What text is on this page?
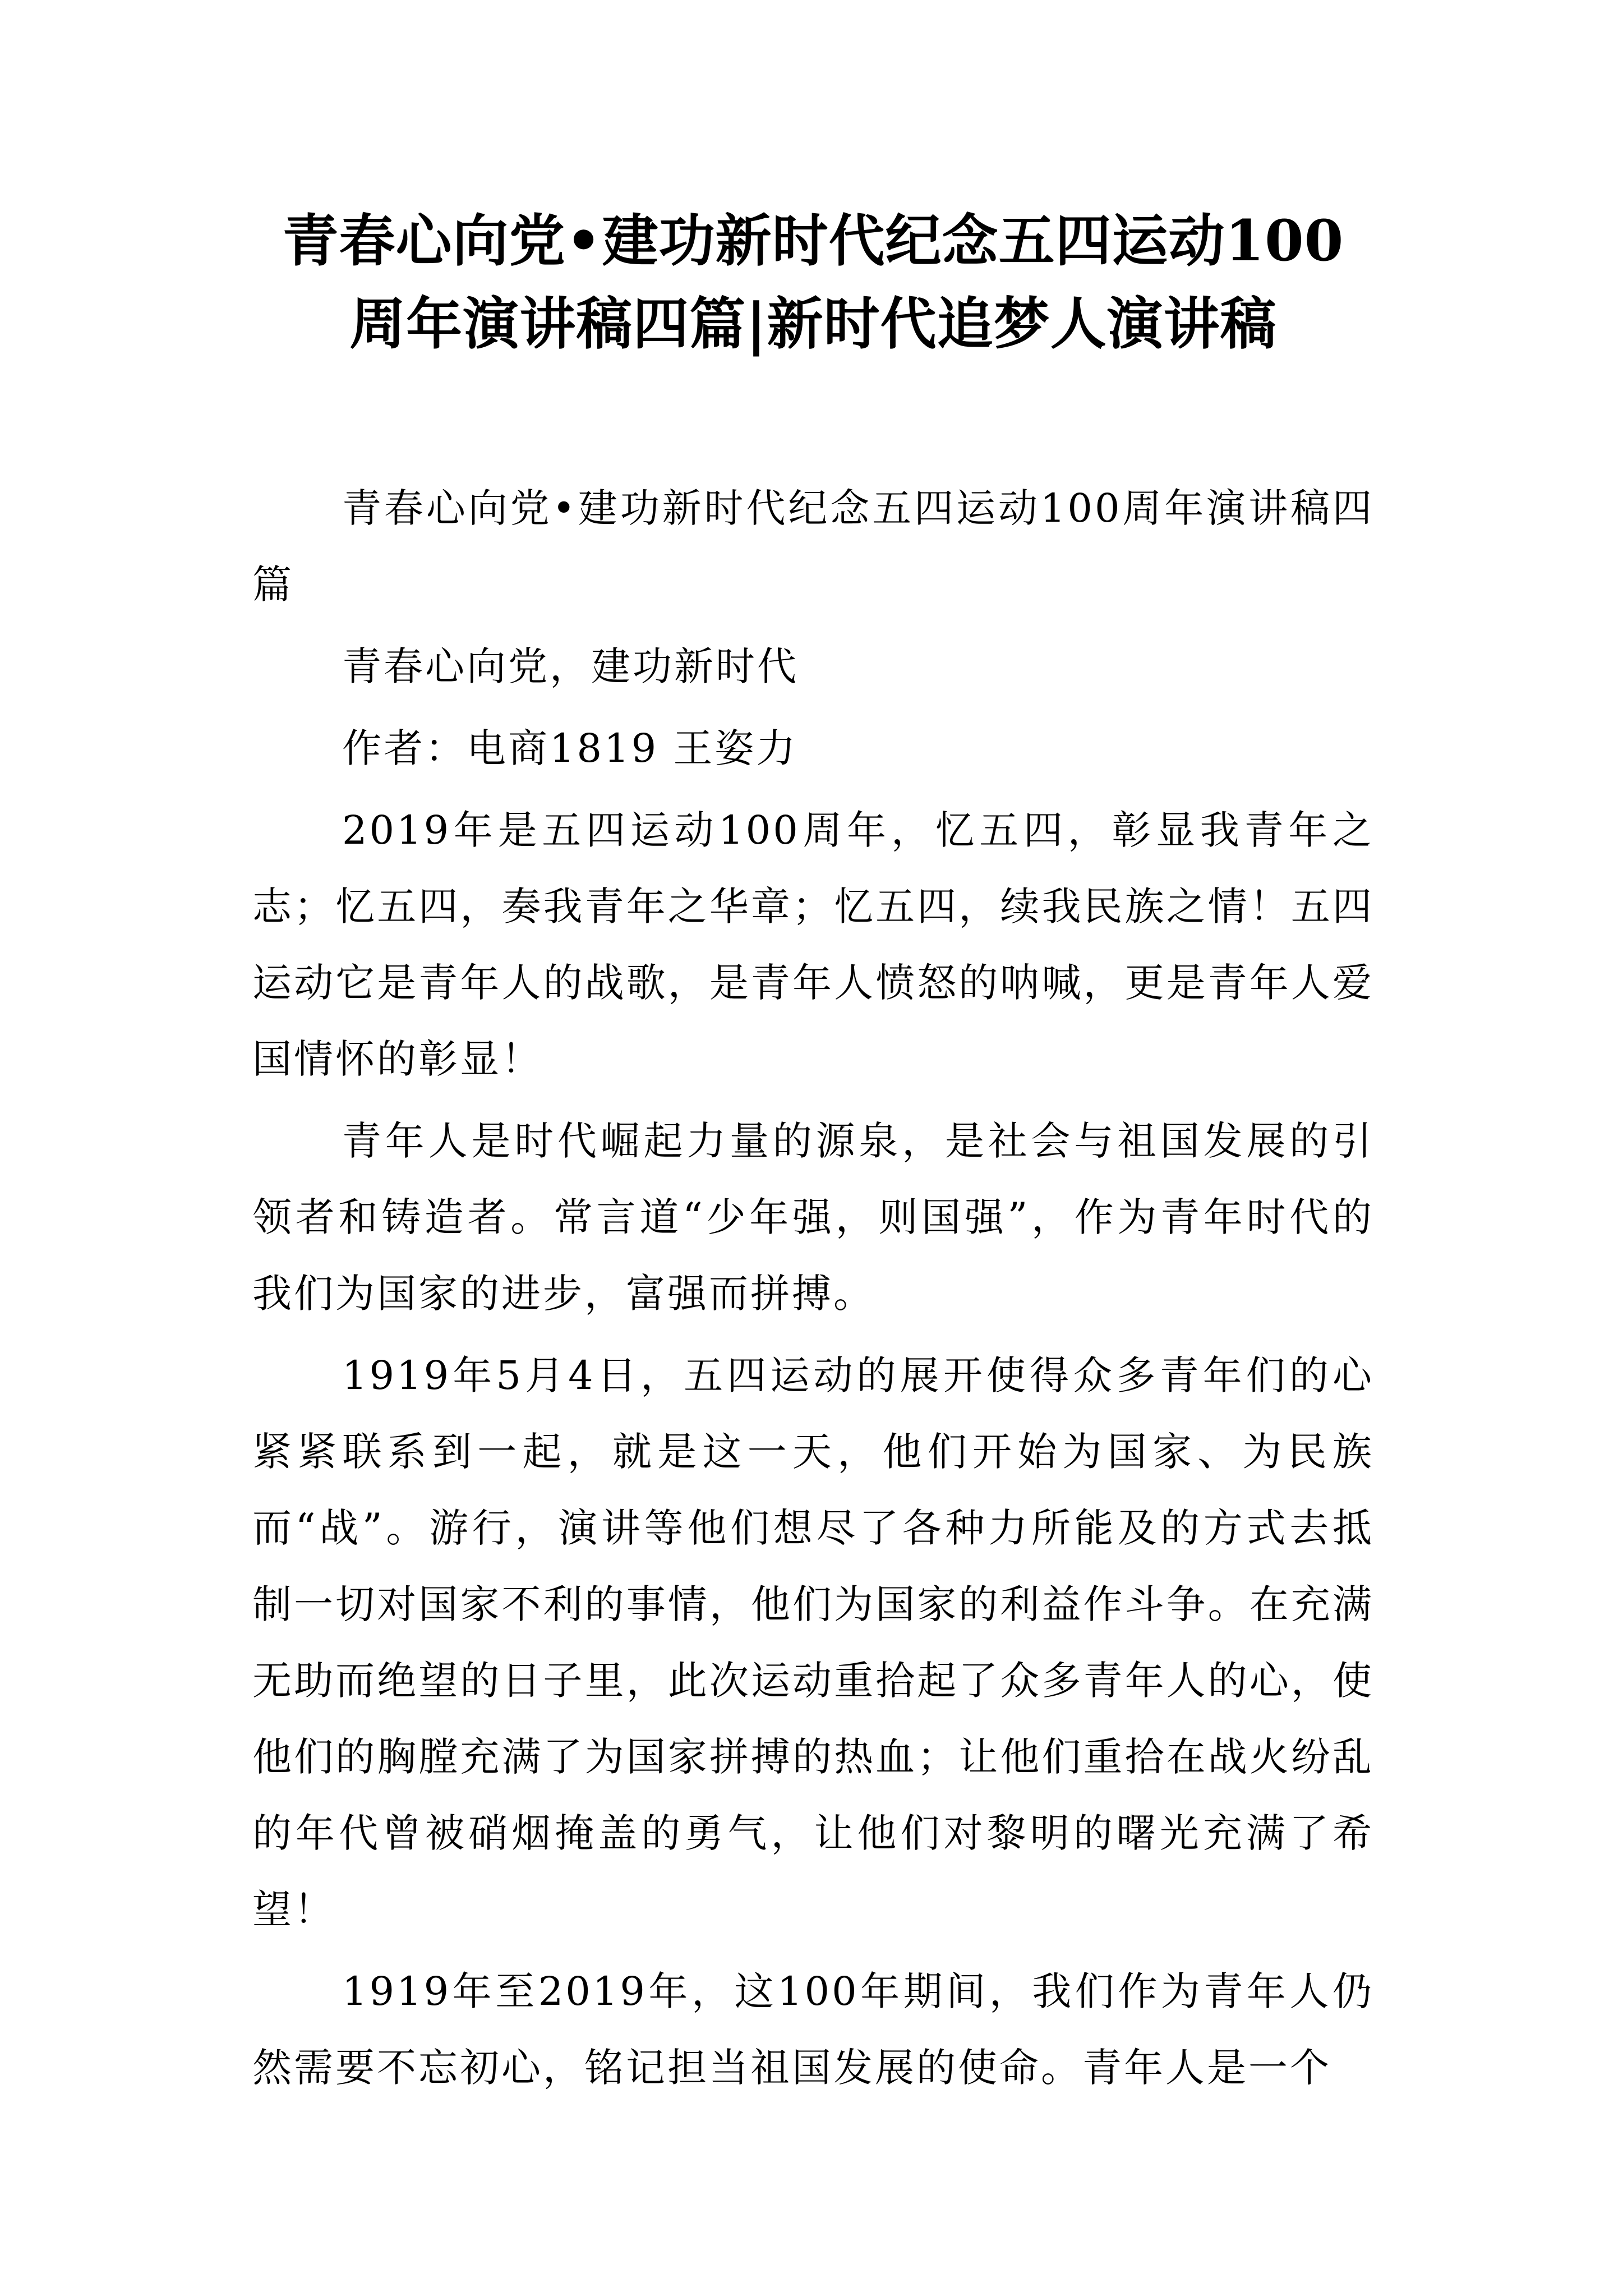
青春心向党•建功新时代纪念五四运动100
周年演讲稿四篇|新时代追梦人演讲稿

青春心向党•建功新时代纪念五四运动100周年演讲稿四篇

青春心向党，建功新时代

作者：电商1819 王姿力

2019年是五四运动100周年，忆五四，彰显我青年之志；忆五四，奏我青年之华章；忆五四，续我民族之情！五四运动它是青年人的战歌，是青年人愤怒的呐喊，更是青年人爱国情怀的彰显！

青年人是时代崛起力量的源泉，是社会与祖国发展的引领者和铸造者。常言道“少年强，则国强”，作为青年时代的我们为国家的进步，富强而拼搏。

1919年5月4日，五四运动的展开使得众多青年们的心紧紧联系到一起，就是这一天，他们开始为国家、为民族而“战”。游行，演讲等他们想尽了各种力所能及的方式去抵制一切对国家不利的事情，他们为国家的利益作斗争。在充满无助而绝望的日子里，此次运动重拾起了众多青年人的心，使他们的胸膛充满了为国家拼搏的热血；让他们重拾在战火纷乱的年代曾被硝烟掩盖的勇气，让他们对黎明的曙光充满了希望！

1919年至2019年，这100年期间，我们作为青年人仍然需要不忘初心，铭记担当祖国发展的使命。青年人是一个
